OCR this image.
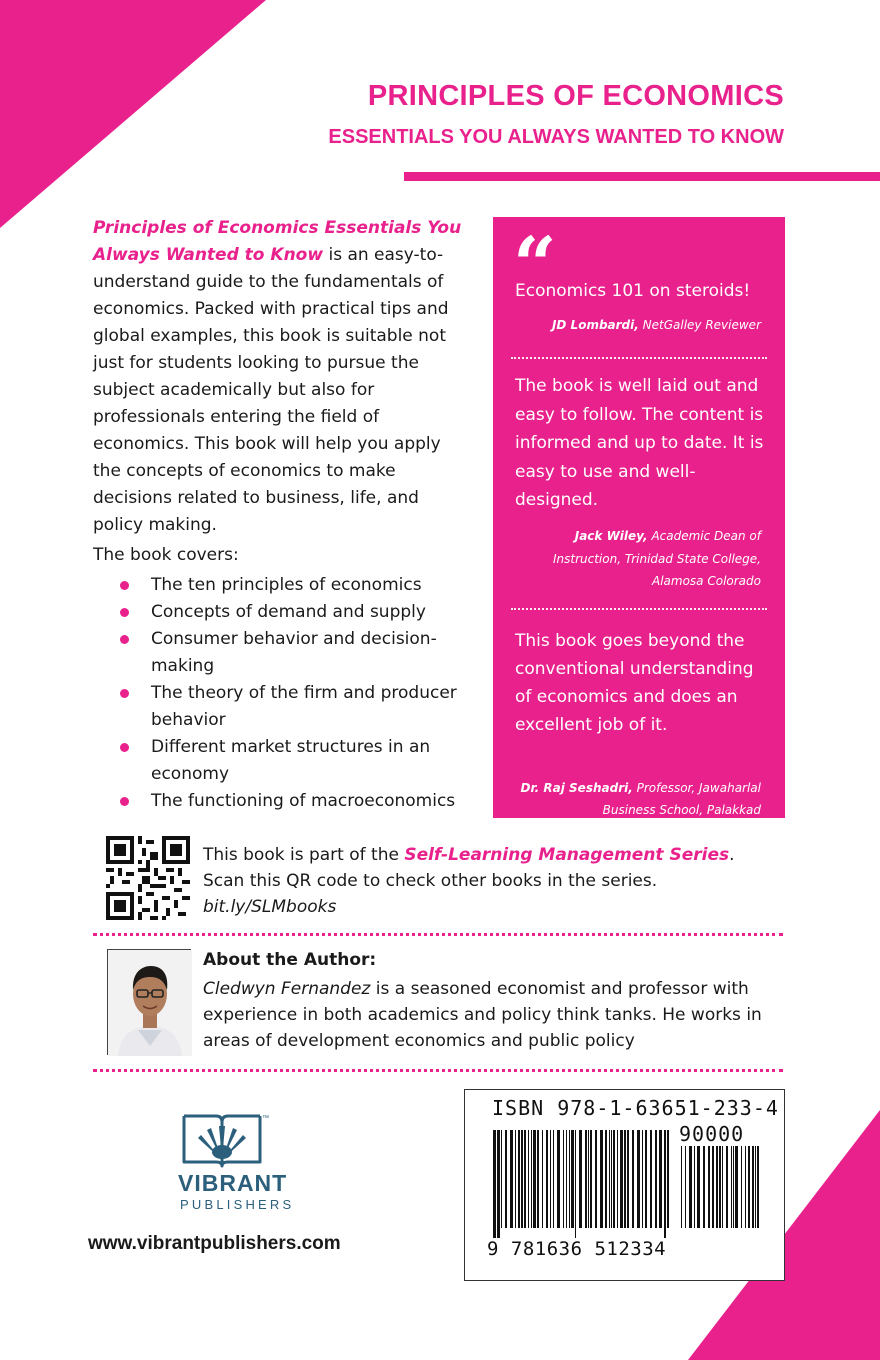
PRINCIPLES OF ECONOMICS
ESSENTIALS YOU ALWAYS WANTED TO KNOW

Principles of Economics Essentials You Always Wanted to Know is an easy-to-understand guide to the fundamentals of economics. Packed with practical tips and global examples, this book is suitable not just for students looking to pursue the subject academically but also for professionals entering the field of economics. This book will help you apply the concepts of economics to make decisions related to business, life, and policy making.

The book covers:
The ten principles of economics
Concepts of demand and supply
Consumer behavior and decision-making
The theory of the firm and producer behavior
Different market structures in an economy
The functioning of macroeconomics
“
Economics 101 on steroids!
JD Lombardi, NetGalley Reviewer
The book is well laid out and easy to follow. The content is informed and up to date. It is easy to use and well-designed.
Jack Wiley, Academic Dean of Instruction, Trinidad State College, Alamosa Colorado
This book goes beyond the conventional understanding of economics and does an excellent job of it.
Dr. Raj Seshadri, Professor, Jawaharlal Business School, Palakkad
This book is part of the Self-Learning Management Series.
Scan this QR code to check other books in the series.
bit.ly/SLMbooks
About the Author:

Cledwyn Fernandez is a seasoned economist and professor with experience in both academics and policy think tanks. He works in areas of development economics and public policy

™
VIBRANT
PUBLISHERS
www.vibrantpublishers.com
ISBN 978-1-63651-233-4
90000
9 781636 512334
